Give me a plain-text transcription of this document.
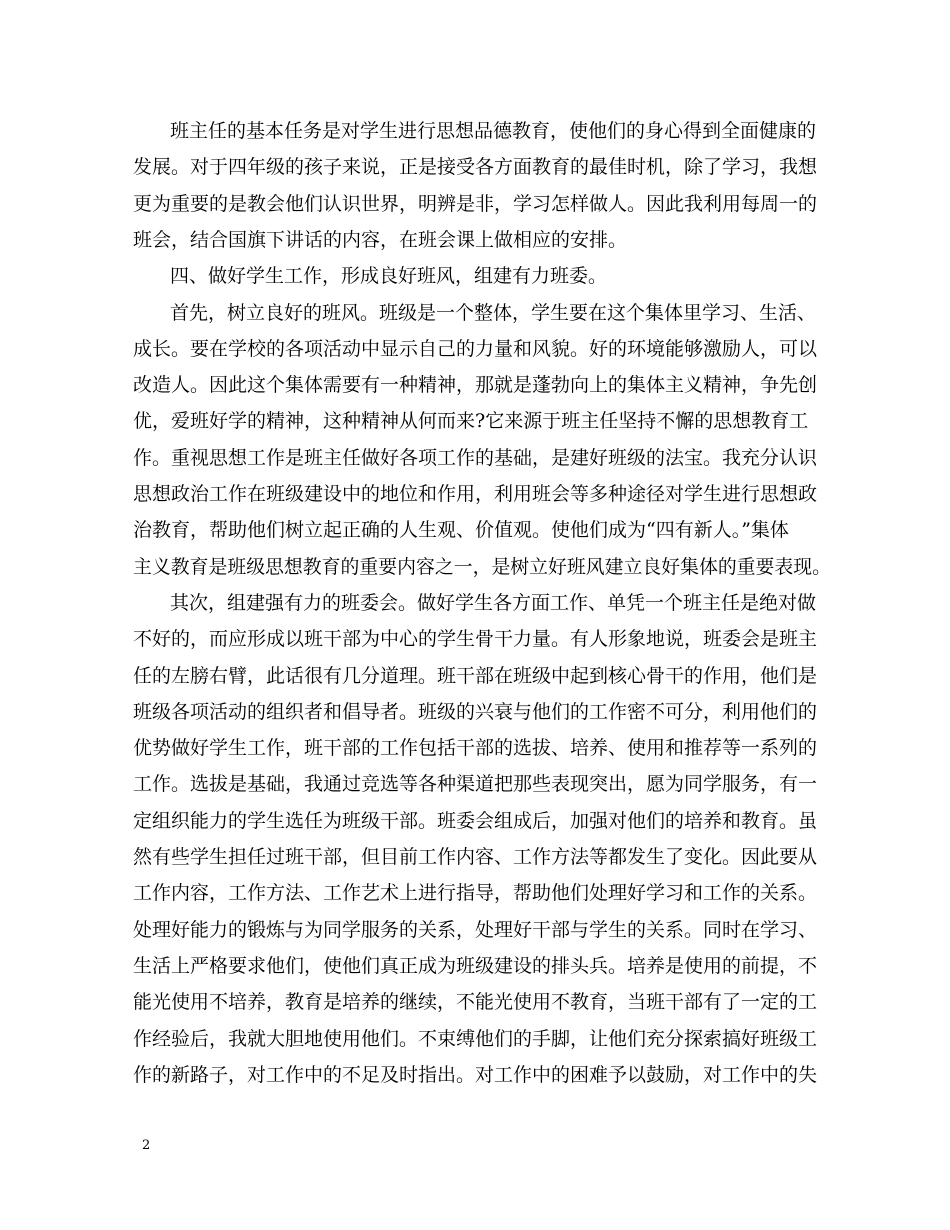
班主任的基本任务是对学生进行思想品德教育，使他们的身心得到全面健康的
发展。对于四年级的孩子来说，正是接受各方面教育的最佳时机，除了学习，我想
更为重要的是教会他们认识世界，明辨是非，学习怎样做人。因此我利用每周一的
班会，结合国旗下讲话的内容，在班会课上做相应的安排。
四、做好学生工作，形成良好班风，组建有力班委。
首先，树立良好的班风。班级是一个整体，学生要在这个集体里学习、生活、
成长。要在学校的各项活动中显示自己的力量和风貌。好的环境能够激励人，可以
改造人。因此这个集体需要有一种精神，那就是蓬勃向上的集体主义精神，争先创
优，爱班好学的精神，这种精神从何而来?它来源于班主任坚持不懈的思想教育工
作。重视思想工作是班主任做好各项工作的基础，是建好班级的法宝。我充分认识
思想政治工作在班级建设中的地位和作用，利用班会等多种途径对学生进行思想政
治教育，帮助他们树立起正确的人生观、价值观。使他们成为“四有新人。”集体
主义教育是班级思想教育的重要内容之一，是树立好班风建立良好集体的重要表现。
其次，组建强有力的班委会。做好学生各方面工作、单凭一个班主任是绝对做
不好的，而应形成以班干部为中心的学生骨干力量。有人形象地说，班委会是班主
任的左膀右臂，此话很有几分道理。班干部在班级中起到核心骨干的作用，他们是
班级各项活动的组织者和倡导者。班级的兴衰与他们的工作密不可分，利用他们的
优势做好学生工作，班干部的工作包括干部的选拔、培养、使用和推荐等一系列的
工作。选拔是基础，我通过竞选等各种渠道把那些表现突出，愿为同学服务，有一
定组织能力的学生选任为班级干部。班委会组成后，加强对他们的培养和教育。虽
然有些学生担任过班干部，但目前工作内容、工作方法等都发生了变化。因此要从
工作内容，工作方法、工作艺术上进行指导，帮助他们处理好学习和工作的关系。
处理好能力的锻炼与为同学服务的关系，处理好干部与学生的关系。同时在学习、
生活上严格要求他们，使他们真正成为班级建设的排头兵。培养是使用的前提，不
能光使用不培养，教育是培养的继续，不能光使用不教育，当班干部有了一定的工
作经验后，我就大胆地使用他们。不束缚他们的手脚，让他们充分探索搞好班级工
作的新路子，对工作中的不足及时指出。对工作中的困难予以鼓励，对工作中的失
2
